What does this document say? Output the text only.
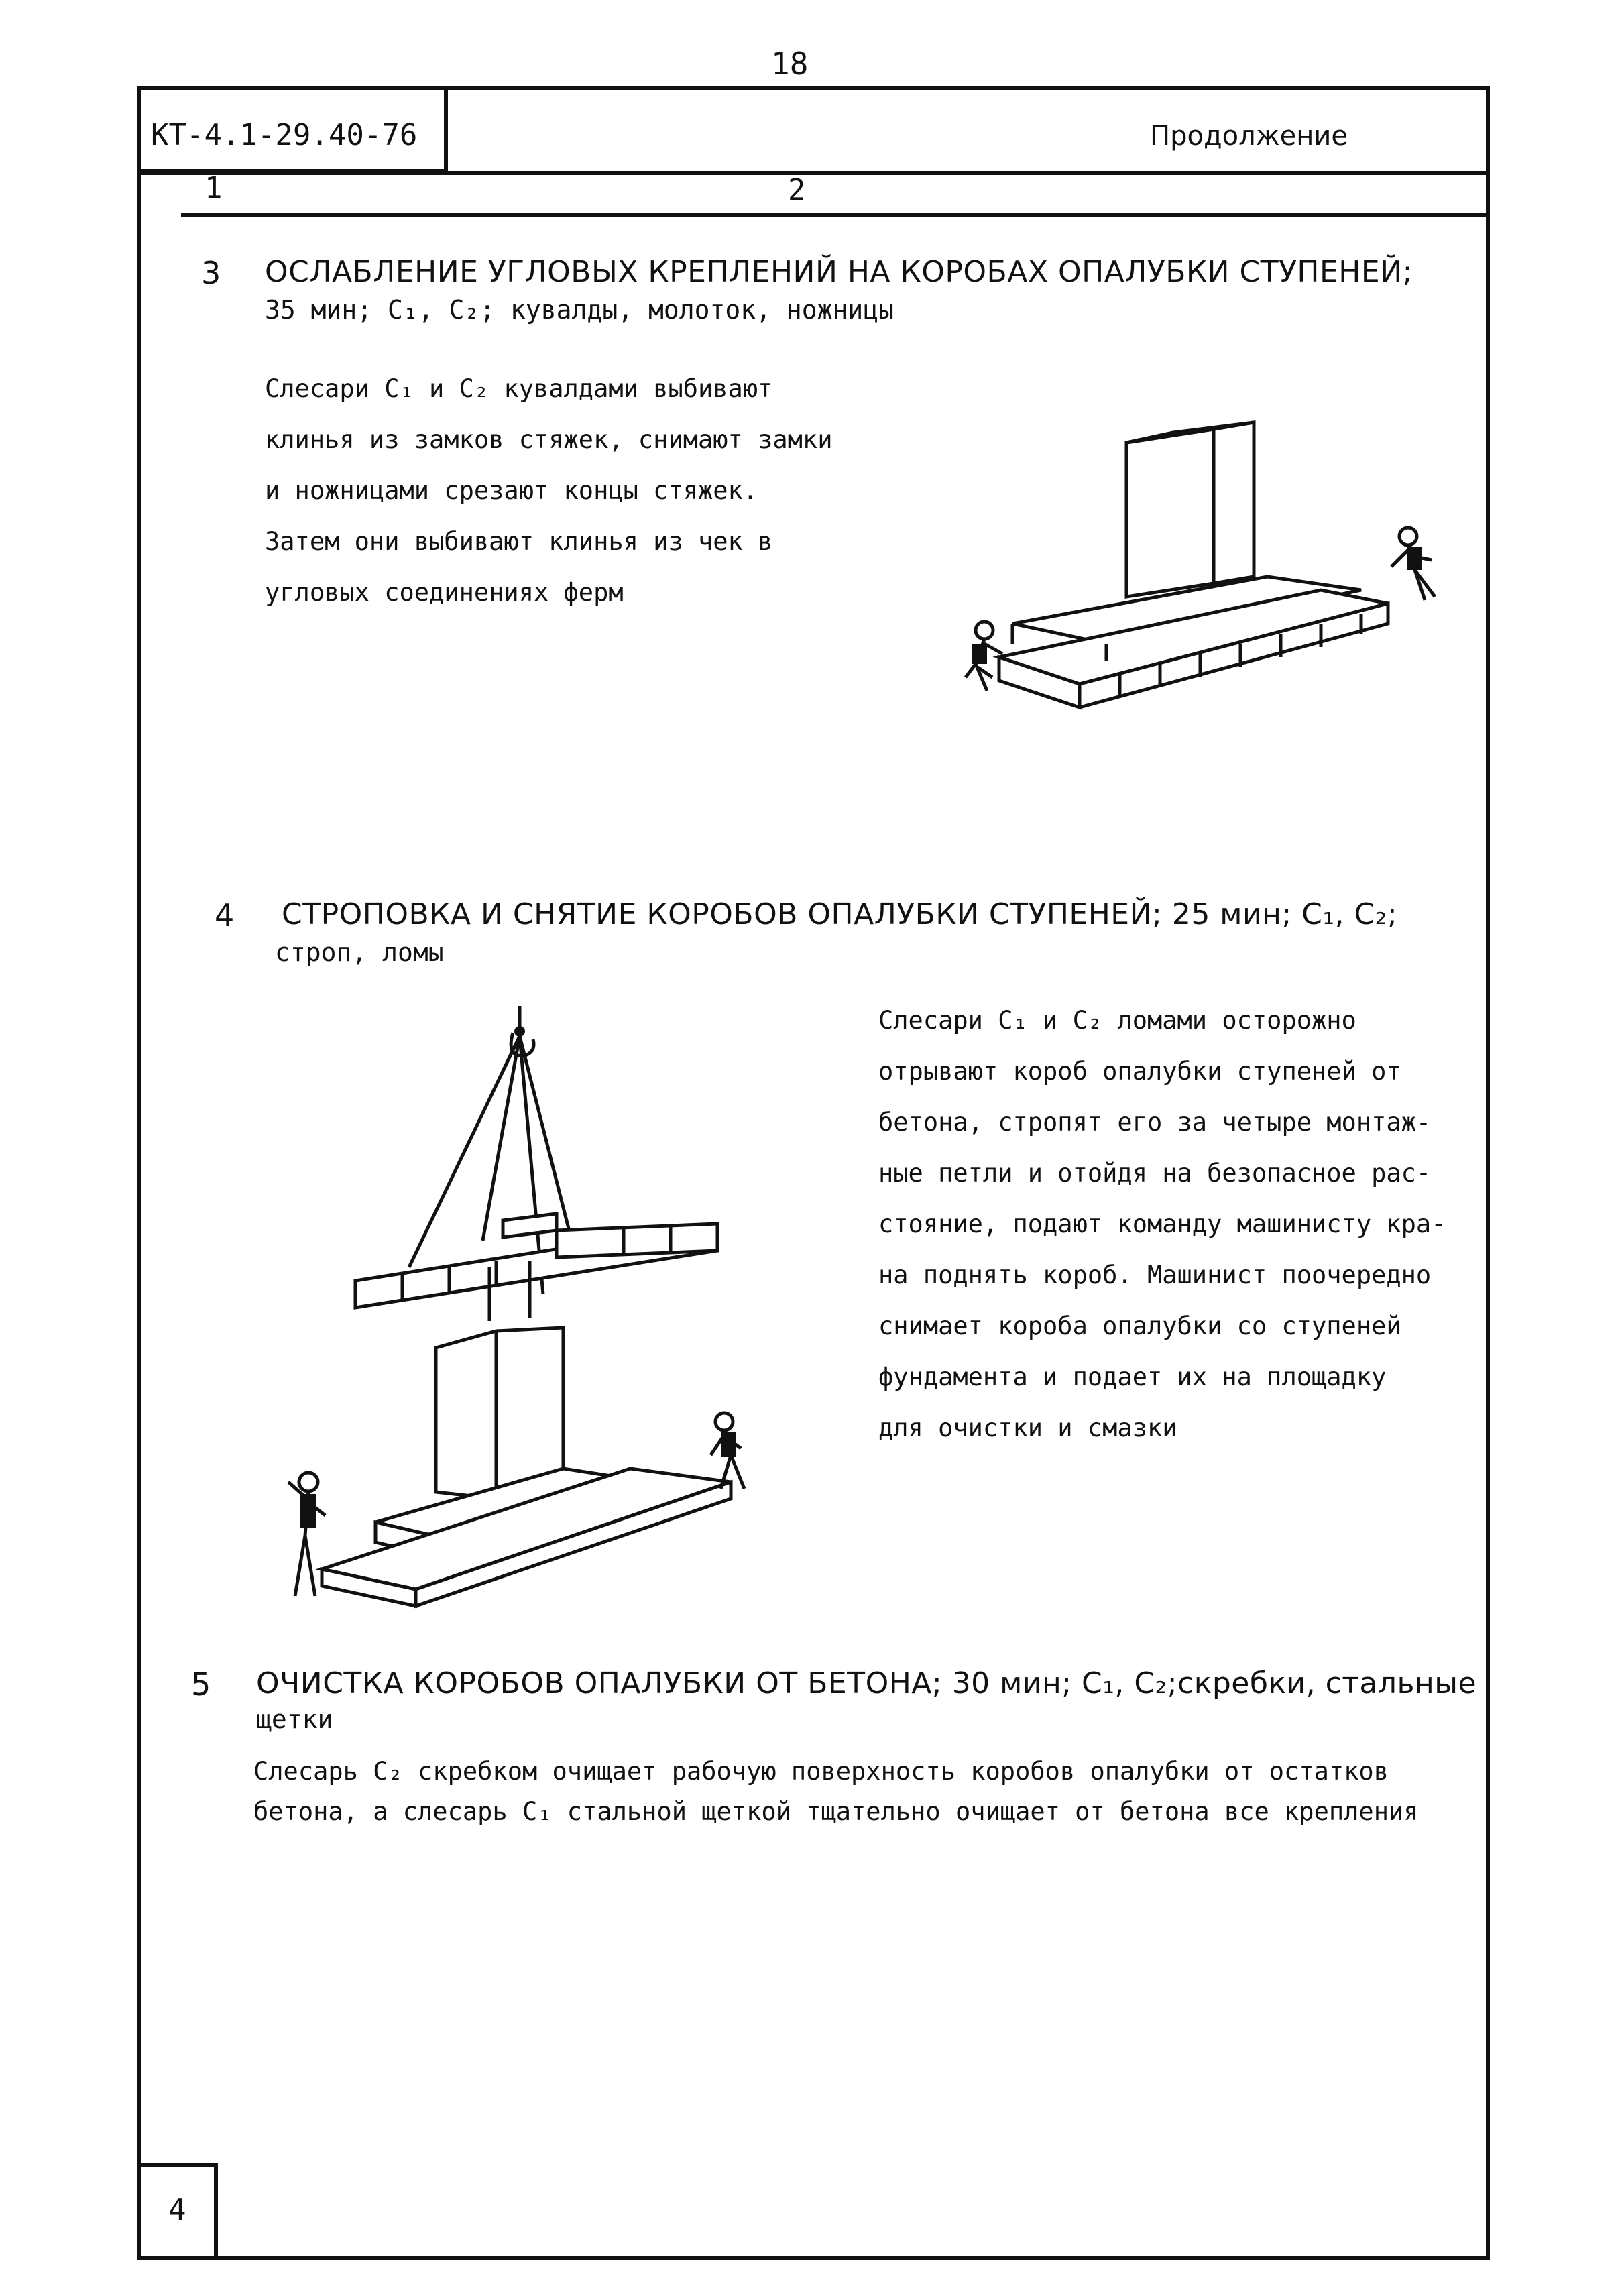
18
КТ-4.1-29.40-76	Продолжение
1	2
3 ОСЛАБЛЕНИЕ УГЛОВЫХ КРЕПЛЕНИЙ НА КОРОБАХ ОПАЛУБКИ СТУПЕНЕЙ;
35 мин; С₁, С₂; кувалды, молоток, ножницы
Слесари С₁ и С₂ кувалдами выбивают
клинья из замков стяжек, снимают замки
и ножницами срезают концы стяжек.
Затем они выбивают клинья из чек в
угловых соединениях ферм
4 СТРОПОВКА И СНЯТИЕ КОРОБОВ ОПАЛУБКИ СТУПЕНЕЙ; 25 мин; С₁, С₂;
строп, ломы
Слесари С₁ и С₂ ломами осторожно
отрывают короб опалубки ступеней от
бетона, стропят его за четыре монтаж-
ные петли и отойдя на безопасное рас-
стояние, подают команду машинисту кра-
на поднять короб. Машинист поочередно
снимает короба опалубки со ступеней
фундамента и подает их на площадку
для очистки и смазки
5 ОЧИСТКА КОРОБОВ ОПАЛУБКИ ОТ БЕТОНА; 30 мин; С₁, С₂;скребки, стальные
щетки
Слесарь С₂ скребком очищает рабочую поверхность коробов опалубки от остатков
бетона, а слесарь С₁ стальной щеткой тщательно очищает от бетона все крепления
4
